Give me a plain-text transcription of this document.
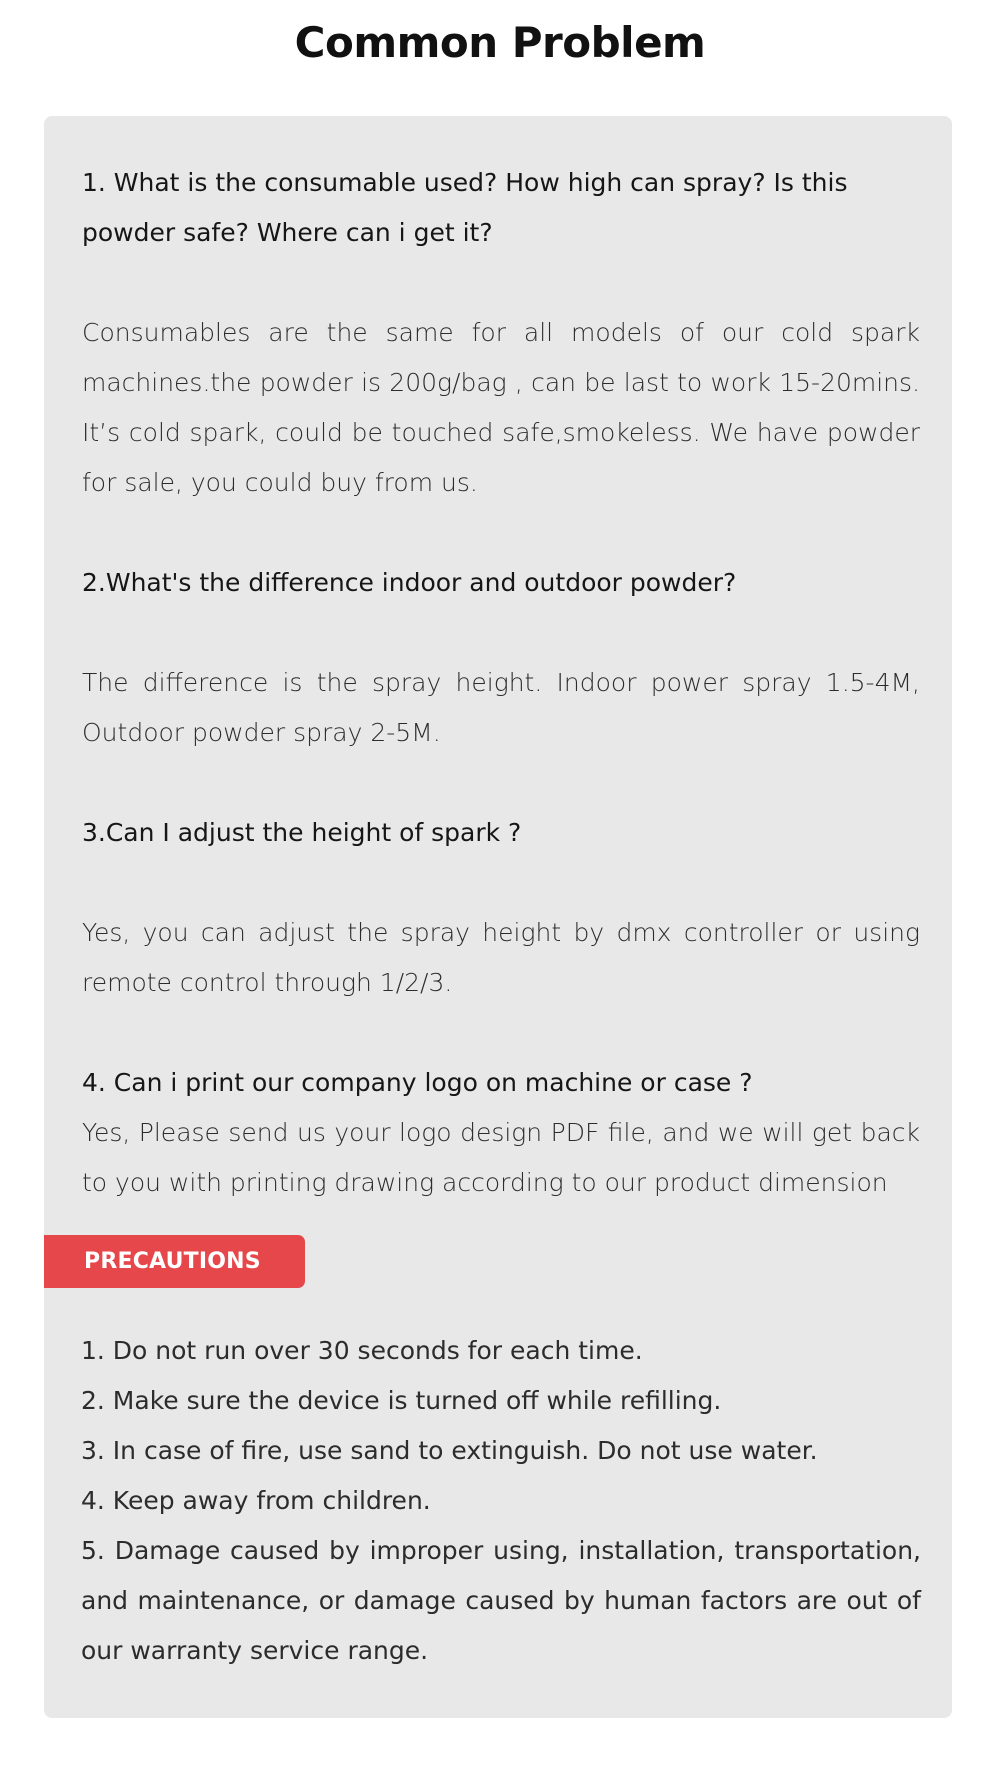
Common Problem

1. What is the consumable used? How high can spray? Is this powder safe? Where can i get it?

Consumables are the same for all models of our cold spark machines.the powder is 200g/bag , can be last to work 15-20mins. It’s cold spark, could be touched safe,smokeless. We have powder for sale, you could buy from us.

2.What's the difference indoor and outdoor powder?

The difference is the spray height. Indoor power spray 1.5-4M, Outdoor powder spray 2-5M.

3.Can I adjust the height of spark ?

Yes, you can adjust the spray height by dmx controller or using remote control through 1/2/3.

4. Can i print our company logo on machine or case ?

Yes, Please send us your logo design PDF file, and we will get back to you with printing drawing according to our product dimension

PRECAUTIONS
1. Do not run over 30 seconds for each time.
2. Make sure the device is turned off while refilling.
3. In case of fire, use sand to extinguish. Do not use water.
4. Keep away from children.
5. Damage caused by improper using, installation, transportation, and maintenance, or damage caused by human factors are out of our warranty service range.
